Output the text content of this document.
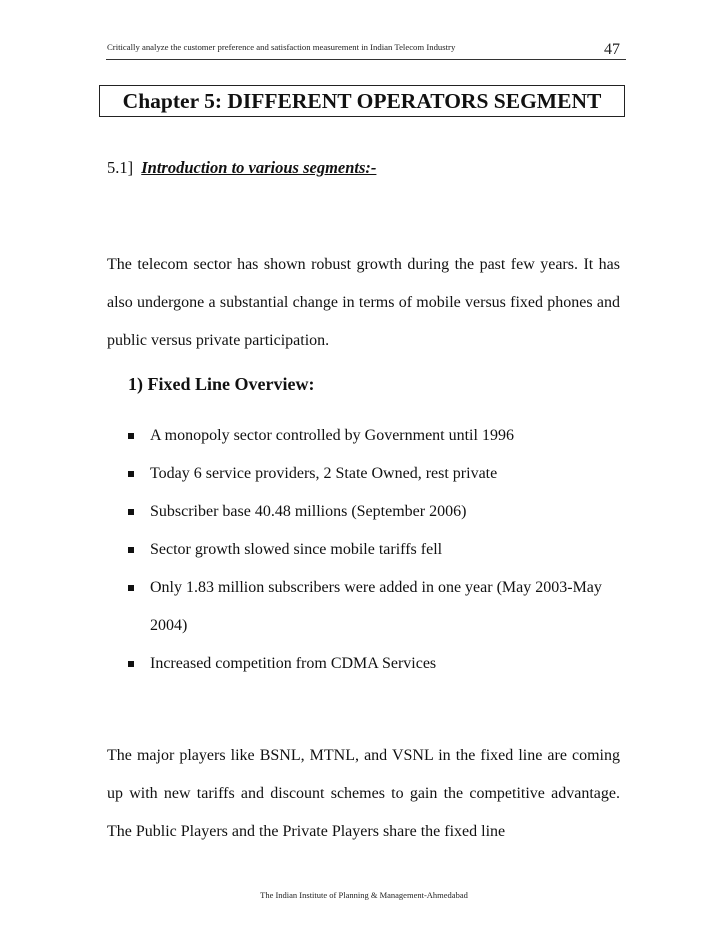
Critically analyze the customer preference and satisfaction measurement in Indian Telecom Industry	47
Chapter 5: DIFFERENT OPERATORS SEGMENT
5.1] Introduction to various segments:-

The telecom sector has shown robust growth during the past few years. It has also undergone a substantial change in terms of mobile versus fixed phones and public versus private participation.

1) Fixed Line Overview:
A monopoly sector controlled by Government until 1996
Today 6 service providers, 2 State Owned, rest private
Subscriber base 40.48 millions (September 2006)
Sector growth slowed since mobile tariffs fell
Only 1.83 million subscribers were added in one year (May 2003-May 2004)
Increased competition from CDMA Services

The major players like BSNL, MTNL, and VSNL in the fixed line are coming up with new tariffs and discount schemes to gain the competitive advantage. The Public Players and the Private Players share the fixed line

The Indian Institute of Planning & Management-Ahmedabad
